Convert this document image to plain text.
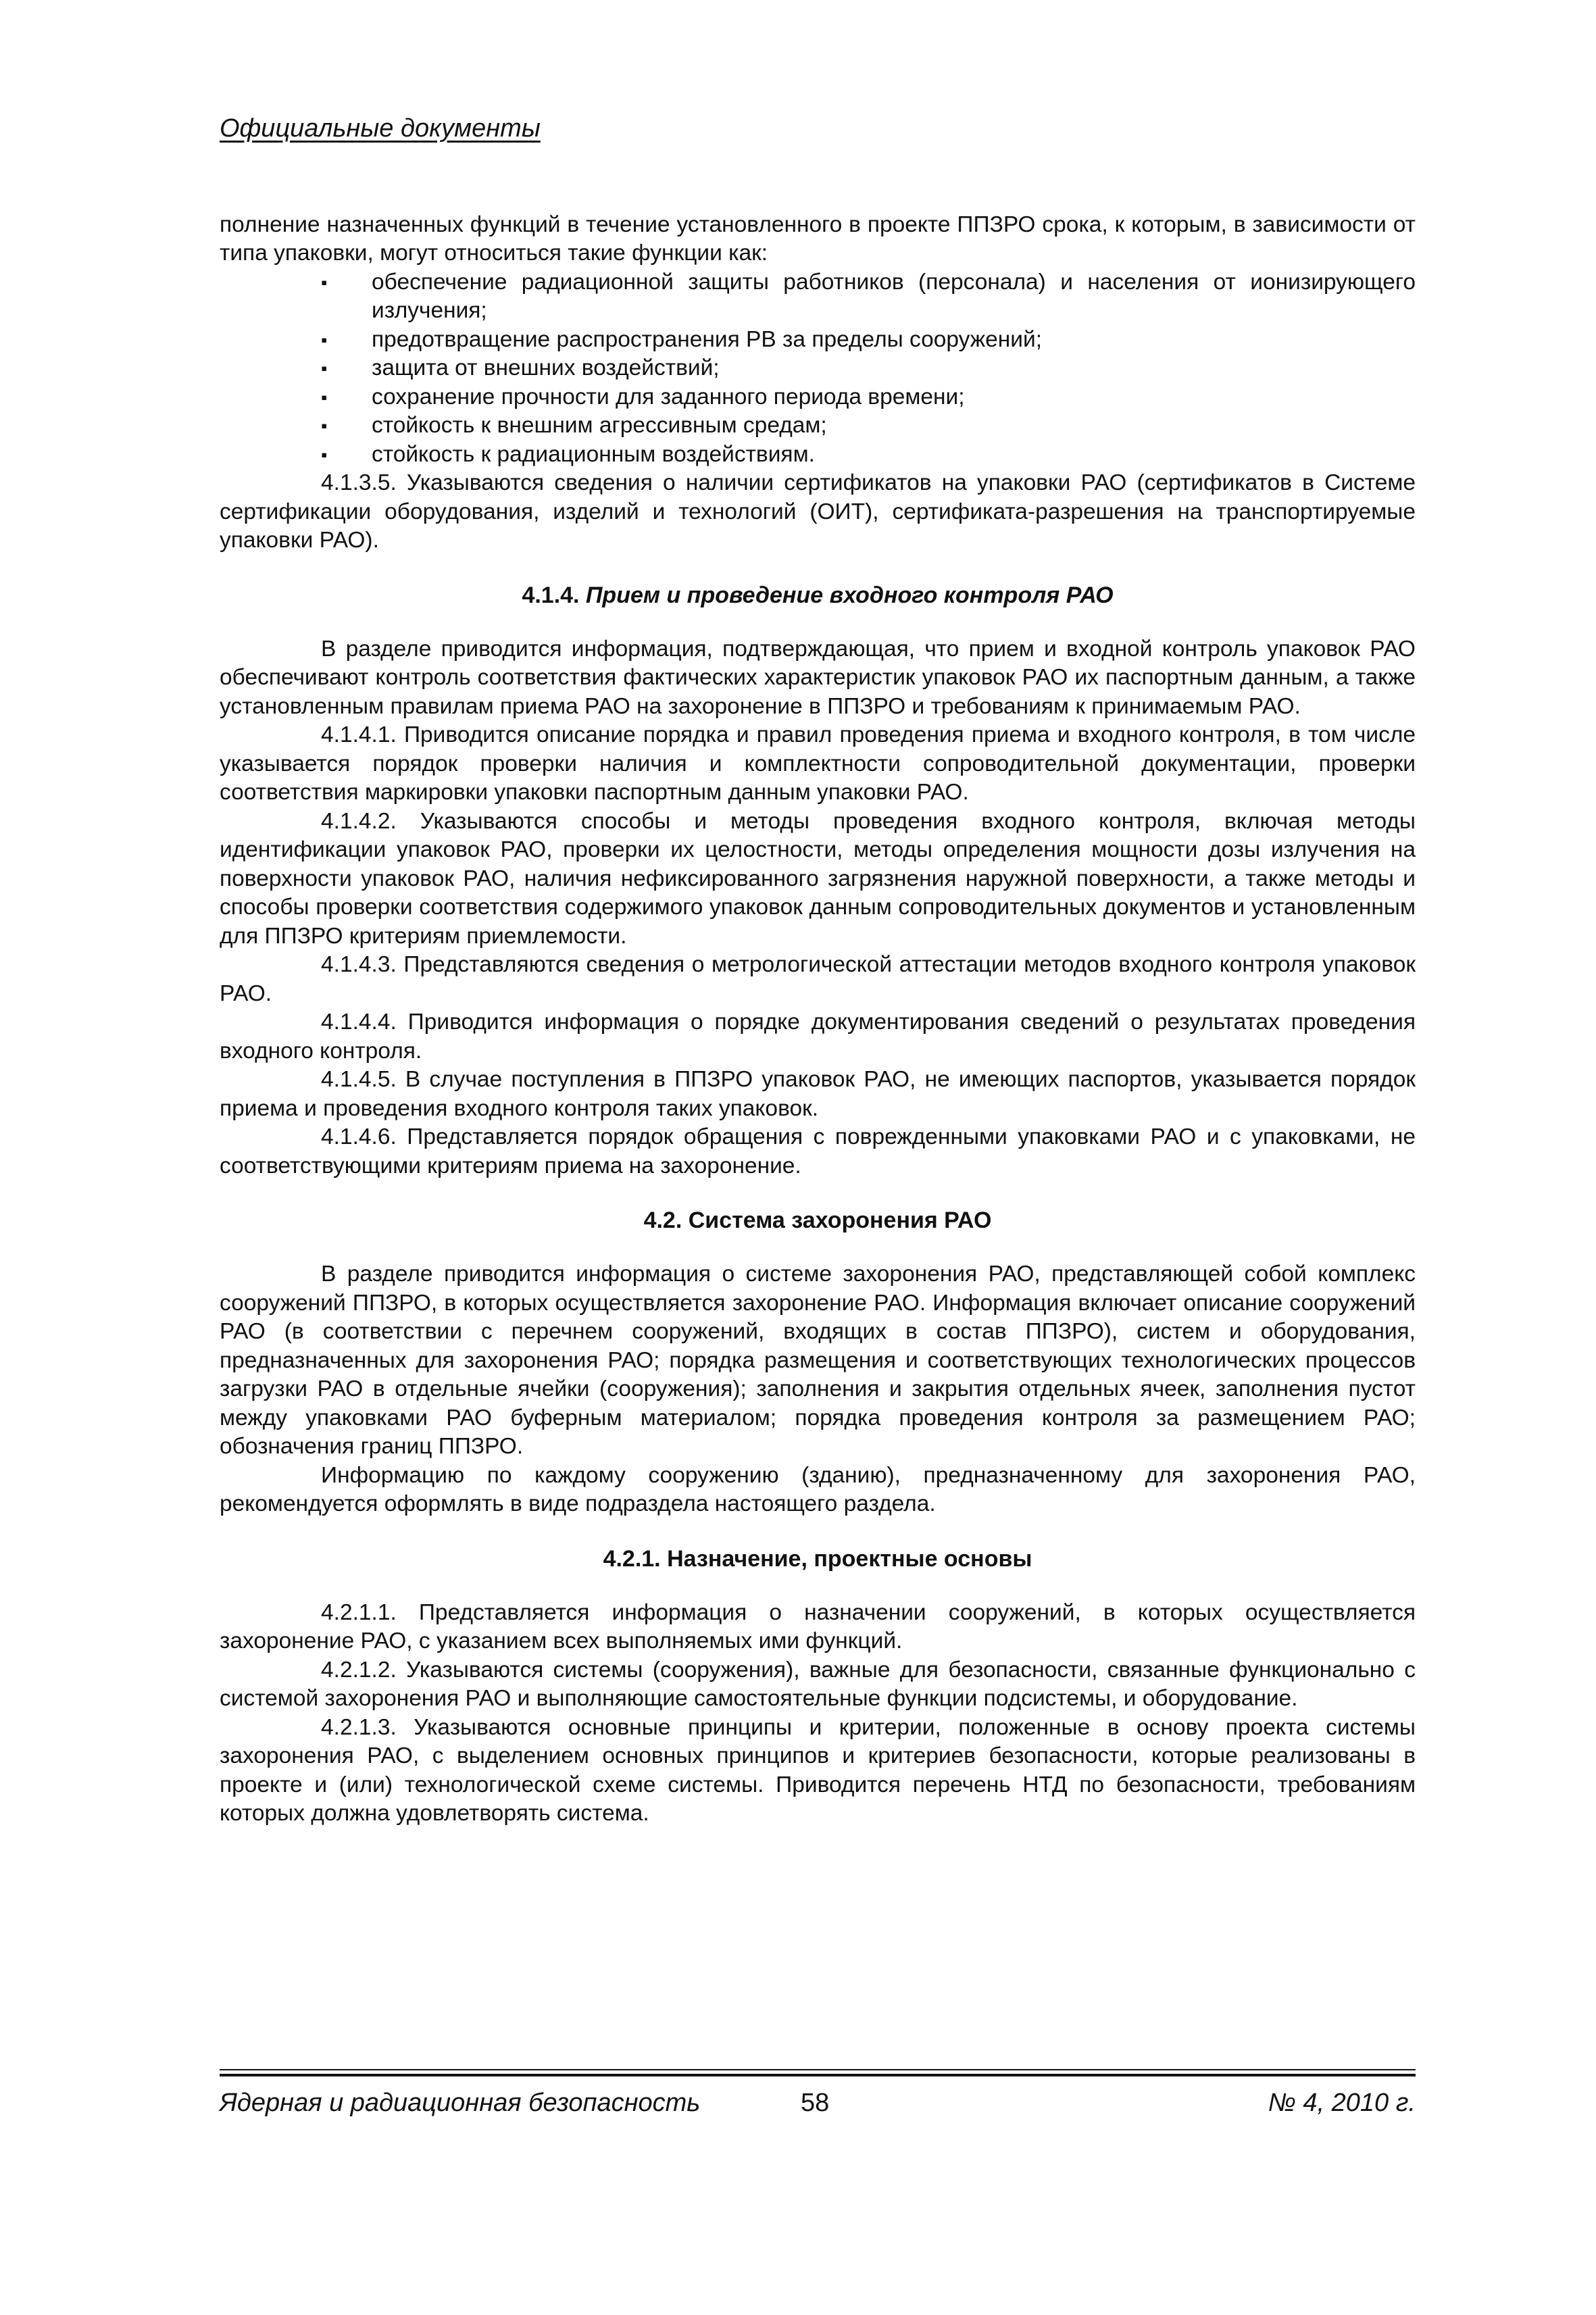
Официальные документы

полнение назначенных функций в течение установленного в проекте ППЗРО срока, к которым, в зависимости от типа упаковки, могут относиться такие функции как:

▪ обеспечение радиационной защиты работников (персонала) и населения от ионизирующего излучения;
▪ предотвращение распространения РВ за пределы сооружений;
▪ защита от внешних воздействий;
▪ сохранение прочности для заданного периода времени;
▪ стойкость к внешним агрессивным средам;
▪ стойкость к радиационным воздействиям.

4.1.3.5. Указываются сведения о наличии сертификатов на упаковки РАО (сертификатов в Системе сертификации оборудования, изделий и технологий (ОИТ), сертификата-разрешения на транспортируемые упаковки РАО).

4.1.4. Прием и проведение входного контроля РАО

В разделе приводится информация, подтверждающая, что прием и входной контроль упаковок РАО обеспечивают контроль соответствия фактических характеристик упаковок РАО их паспортным данным, а также установленным правилам приема РАО на захоронение в ППЗРО и требованиям к принимаемым РАО.

4.1.4.1. Приводится описание порядка и правил проведения приема и входного контроля, в том числе указывается порядок проверки наличия и комплектности сопроводительной документации, проверки соответствия маркировки упаковки паспортным данным упаковки РАО.

4.1.4.2. Указываются способы и методы проведения входного контроля, включая методы идентификации упаковок РАО, проверки их целостности, методы определения мощности дозы излучения на поверхности упаковок РАО, наличия нефиксированного загрязнения наружной поверхности, а также методы и способы проверки соответствия содержимого упаковок данным сопроводительных документов и установленным для ППЗРО критериям приемлемости.

4.1.4.3. Представляются сведения о метрологической аттестации методов входного контроля упаковок РАО.

4.1.4.4. Приводится информация о порядке документирования сведений о результатах проведения входного контроля.

4.1.4.5. В случае поступления в ППЗРО упаковок РАО, не имеющих паспортов, указывается порядок приема и проведения входного контроля таких упаковок.

4.1.4.6. Представляется порядок обращения с поврежденными упаковками РАО и с упаковками, не соответствующими критериям приема на захоронение.

4.2. Система захоронения РАО

В разделе приводится информация о системе захоронения РАО, представляющей собой комплекс сооружений ППЗРО, в которых осуществляется захоронение РАО. Информация включает описание сооружений РАО (в соответствии с перечнем сооружений, входящих в состав ППЗРО), систем и оборудования, предназначенных для захоронения РАО; порядка размещения и соответствующих технологических процессов загрузки РАО в отдельные ячейки (сооружения); заполнения и закрытия отдельных ячеек, заполнения пустот между упаковками РАО буферным материалом; порядка проведения контроля за размещением РАО; обозначения границ ППЗРО.

Информацию по каждому сооружению (зданию), предназначенному для захоронения РАО, рекомендуется оформлять в виде подраздела настоящего раздела.

4.2.1. Назначение, проектные основы

4.2.1.1. Представляется информация о назначении сооружений, в которых осуществляется захоронение РАО, с указанием всех выполняемых ими функций.

4.2.1.2. Указываются системы (сооружения), важные для безопасности, связанные функционально с системой захоронения РАО и выполняющие самостоятельные функции подсистемы, и оборудование.

4.2.1.3. Указываются основные принципы и критерии, положенные в основу проекта системы захоронения РАО, с выделением основных принципов и критериев безопасности, которые реализованы в проекте и (или) технологической схеме системы. Приводится перечень НТД по безопасности, требованиям которых должна удовлетворять система.

Ядерная и радиационная безопасность	58	№ 4, 2010 г.
